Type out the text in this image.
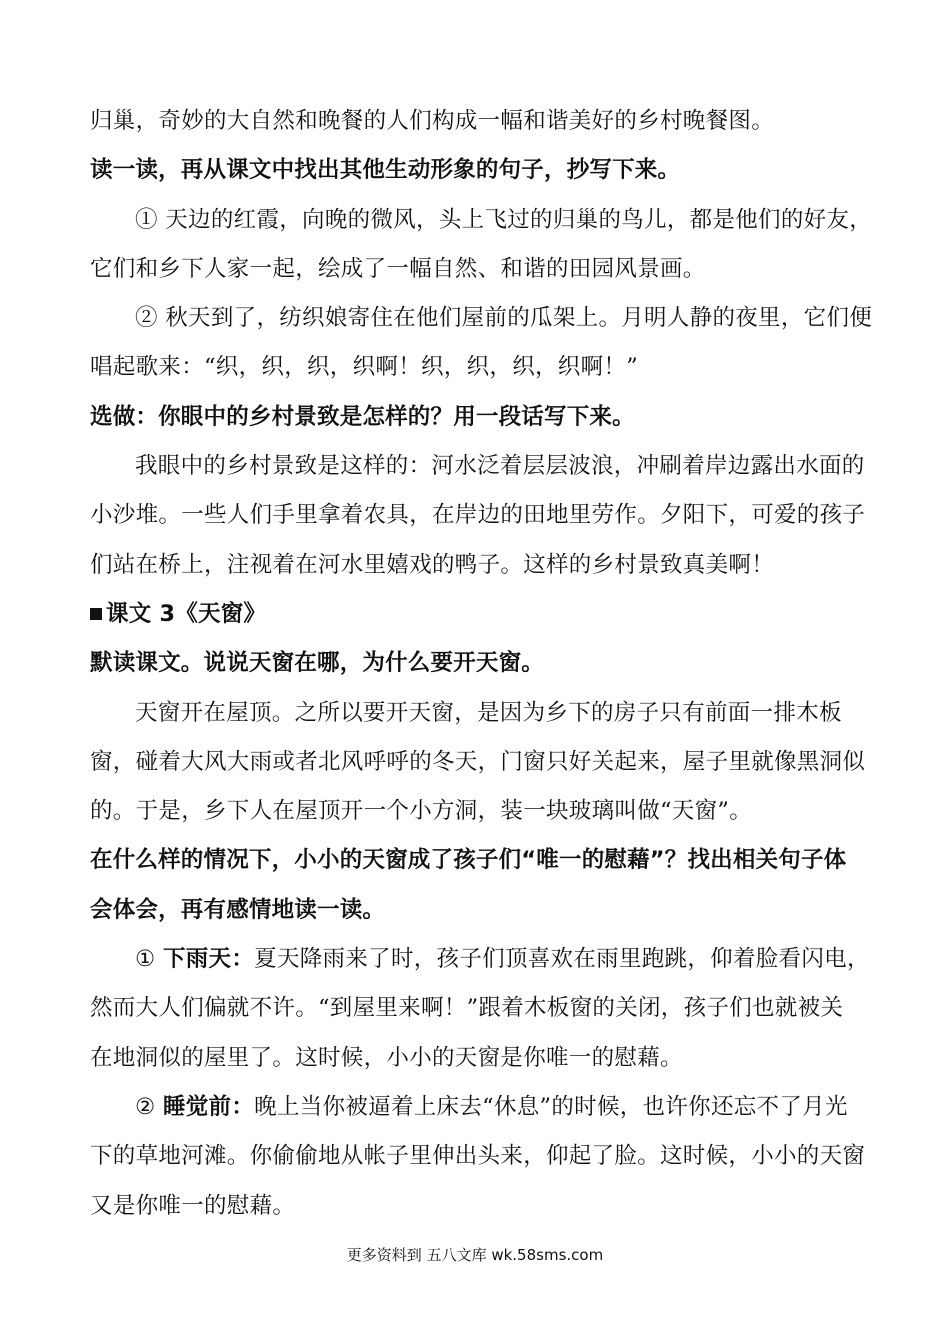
归巢，奇妙的大自然和晚餐的人们构成一幅和谐美好的乡村晚餐图。
读一读，再从课文中找出其他生动形象的句子，抄写下来。
① 天边的红霞，向晚的微风，头上飞过的归巢的鸟儿，都是他们的好友，
它们和乡下人家一起，绘成了一幅自然、和谐的田园风景画。
② 秋天到了，纺织娘寄住在他们屋前的瓜架上。月明人静的夜里，它们便
唱起歌来：“织，织，织，织啊！织，织，织，织啊！”
选做：你眼中的乡村景致是怎样的？用一段话写下来。
我眼中的乡村景致是这样的：河水泛着层层波浪，冲刷着岸边露出水面的
小沙堆。一些人们手里拿着农具，在岸边的田地里劳作。夕阳下，可爱的孩子
们站在桥上，注视着在河水里嬉戏的鸭子。这样的乡村景致真美啊！
课文 3《天窗》
默读课文。说说天窗在哪，为什么要开天窗。
天窗开在屋顶。之所以要开天窗，是因为乡下的房子只有前面一排木板
窗，碰着大风大雨或者北风呼呼的冬天，门窗只好关起来，屋子里就像黑洞似
的。于是，乡下人在屋顶开一个小方洞，装一块玻璃叫做“天窗”。
在什么样的情况下，小小的天窗成了孩子们“唯一的慰藉”？找出相关句子体
会体会，再有感情地读一读。
① 下雨天：夏天降雨来了时，孩子们顶喜欢在雨里跑跳，仰着脸看闪电，
然而大人们偏就不许。“到屋里来啊！”跟着木板窗的关闭，孩子们也就被关
在地洞似的屋里了。这时候，小小的天窗是你唯一的慰藉。
② 睡觉前：晚上当你被逼着上床去“休息”的时候，也许你还忘不了月光
下的草地河滩。你偷偷地从帐子里伸出头来，仰起了脸。这时候，小小的天窗
又是你唯一的慰藉。
更多资料到 五八文库 wk.58sms.com
